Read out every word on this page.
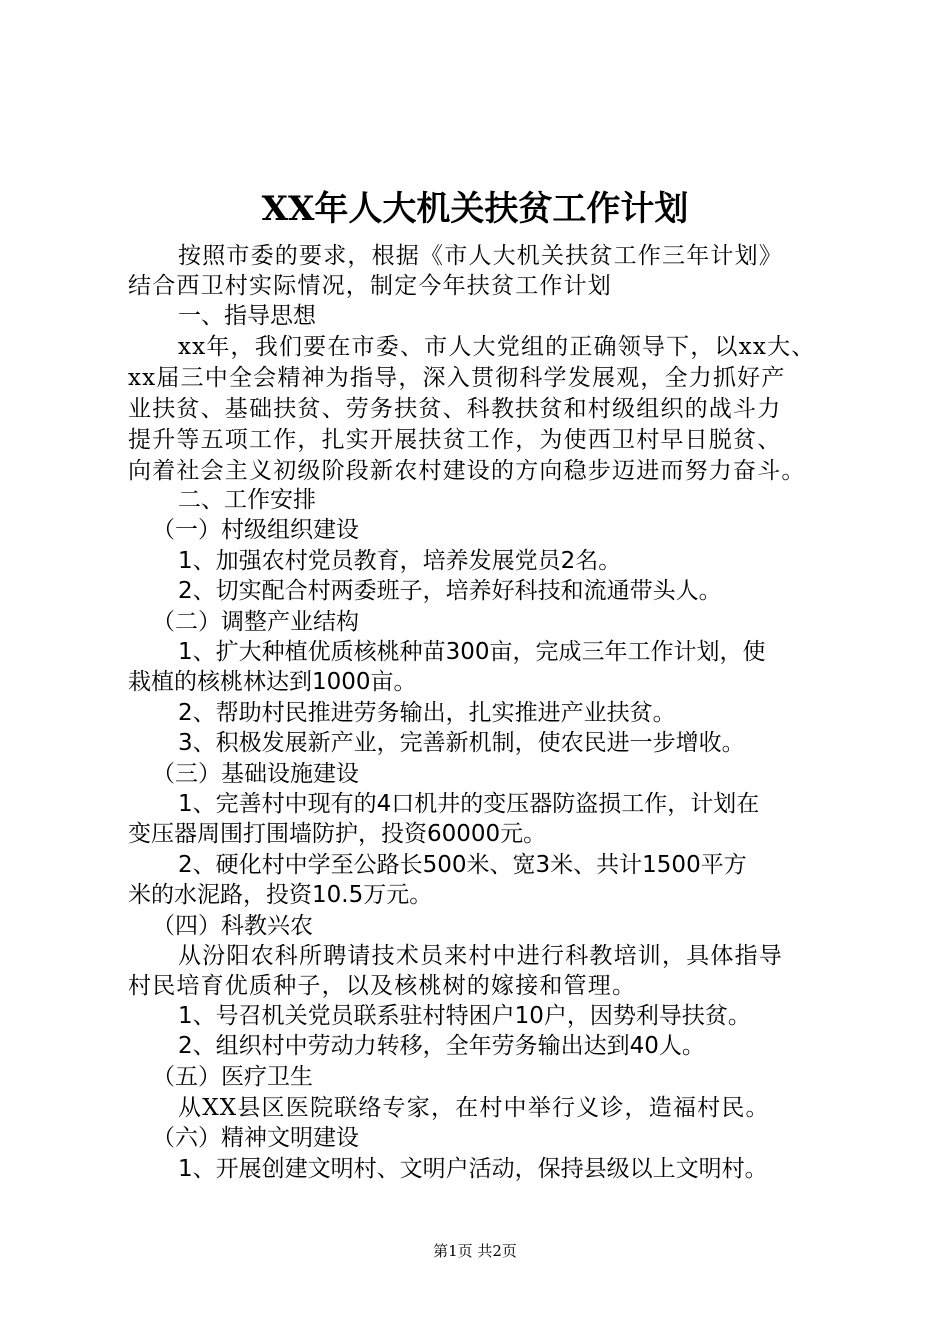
XX年人大机关扶贫工作计划
按照市委的要求，根据《市人大机关扶贫工作三年计划》
结合西卫村实际情况，制定今年扶贫工作计划
一、指导思想
xx年，我们要在市委、市人大党组的正确领导下，以xx大、
xx届三中全会精神为指导，深入贯彻科学发展观，全力抓好产
业扶贫、基础扶贫、劳务扶贫、科教扶贫和村级组织的战斗力
提升等五项工作，扎实开展扶贫工作，为使西卫村早日脱贫、
向着社会主义初级阶段新农村建设的方向稳步迈进而努力奋斗。
二、工作安排
（一）村级组织建设
1、加强农村党员教育，培养发展党员2名。
2、切实配合村两委班子，培养好科技和流通带头人。
（二）调整产业结构
1、扩大种植优质核桃种苗300亩，完成三年工作计划，使
栽植的核桃林达到1000亩。
2、帮助村民推进劳务输出，扎实推进产业扶贫。
3、积极发展新产业，完善新机制，使农民进一步增收。
（三）基础设施建设
1、完善村中现有的4口机井的变压器防盗损工作，计划在
变压器周围打围墙防护，投资60000元。
2、硬化村中学至公路长500米、宽3米、共计1500平方
米的水泥路，投资10.5万元。
（四）科教兴农
从汾阳农科所聘请技术员来村中进行科教培训，具体指导
村民培育优质种子，以及核桃树的嫁接和管理。
1、号召机关党员联系驻村特困户10户，因势利导扶贫。
2、组织村中劳动力转移，全年劳务输出达到40人。
（五）医疗卫生
从XX县区医院联络专家，在村中举行义诊，造福村民。
（六）精神文明建设
1、开展创建文明村、文明户活动，保持县级以上文明村。
第1页 共2页
